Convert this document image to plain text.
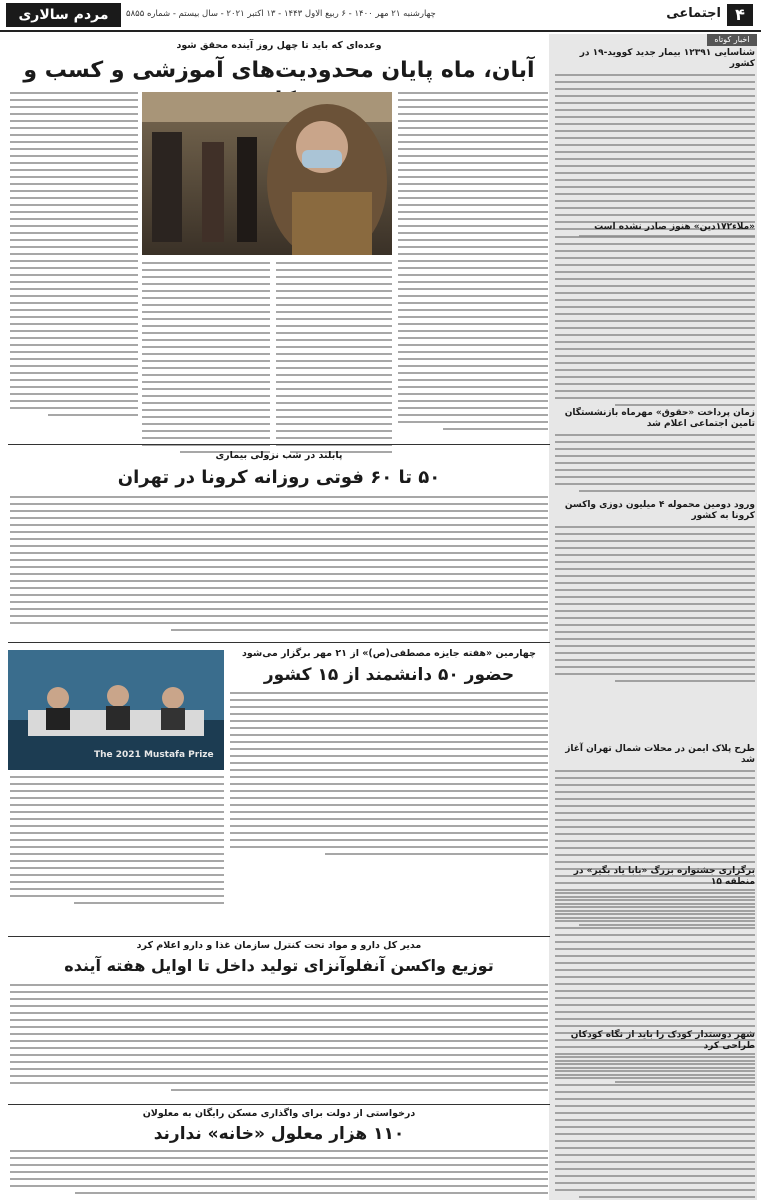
۴
اجتماعی
مردم سالاری	چهارشنبه ۲۱ مهر ۱۴۰۰ - ۶ ربیع الاول ۱۴۴۳ - ۱۳ اکتبر ۲۰۲۱ - سال بیستم - شماره ۵۸۵۵
اخبار کوتاه
شناسایی ۱۲۳۹۱ بیمار جدید کووید-۱۹ در کشور
«ملاء۱۷۲دین» هنوز صادر نشده است
زمان پرداخت «حقوق» مهرماه بازنشستگان تامین اجتماعی اعلام شد
ورود دومین محموله ۴ میلیون دوزی واکسن کرونا به کشور
طرح پلاک ایمن در محلات شمال تهران آغاز شد
برگزاری جشنواره بزرگ «بابا یاد بگیر» در منطقه ۱۵
شهر دوستدار کودک را باید از نگاه کودکان طراحی کرد
وعده‌ای که باید تا چهل روز آینده محقق شود
آبان، ماه پایان محدودیت‌های آموزشی و کسب و
پابلند در شب نزولی بیماری
۵۰ تا ۶۰ فوتی روزانه کرونا در تهران
چهارمین «هفته جایزه مصطفی(ص)» از ۲۱ مهر برگزار می‌شود
حضور ۵۰ دانشمند از ۱۵ کشور
The 2021 Mustafa Prize
مدیر کل دارو و مواد تحت کنترل سازمان غذا و دارو اعلام کرد
توزیع واکسن آنفلوآنزای تولید داخل تا اوایل هفته آینده
درخواستی از دولت برای واگذاری مسکن رایگان به معلولان
۱۱۰ هزار معلول «خانه» ندارند
